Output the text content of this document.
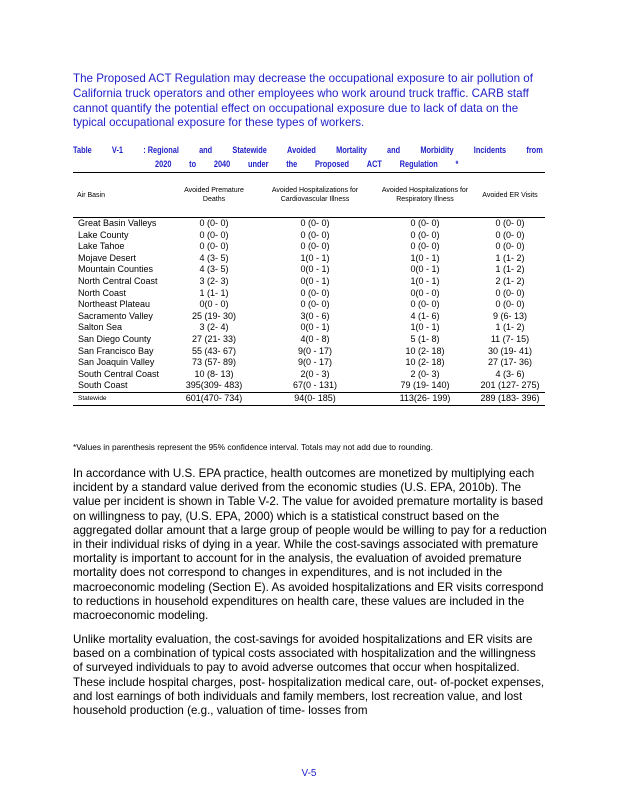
The Proposed ACT Regulation may decrease the occupational exposure to air pollution of California truck operators and other employees who work around truck traffic. CARB staff cannot quantify the potential effect on occupational exposure due to lack of data on the typical occupational exposure for these types of workers.
Table V-1 : Regional and Statewide Avoided Mortality and Morbidity Incidents from
2020 to 2040 under the Proposed ACT Regulation *
Air Basin	Avoided Premature Deaths	Avoided Hospitalizations for Cardiovascular Illness	Avoided Hospitalizations for Respiratory Illness	Avoided ER Visits
Great Basin Valleys	0 (0- 0)	0 (0- 0)	0 (0- 0)	0 (0- 0)
Lake County	0 (0- 0)	0 (0- 0)	0 (0- 0)	0 (0- 0)
Lake Tahoe	0 (0- 0)	0 (0- 0)	0 (0- 0)	0 (0- 0)
Mojave Desert	4 (3- 5)	1(0 - 1)	1(0 - 1)	1 (1- 2)
Mountain Counties	4 (3- 5)	0(0 - 1)	0(0 - 1)	1 (1- 2)
North Central Coast	3 (2- 3)	0(0 - 1)	1(0 - 1)	2 (1- 2)
North Coast	1 (1- 1)	0 (0- 0)	0(0 - 0)	0 (0- 0)
Northeast Plateau	0(0 - 0)	0 (0- 0)	0 (0- 0)	0 (0- 0)
Sacramento Valley	25 (19- 30)	3(0 - 6)	4 (1- 6)	9 (6- 13)
Salton Sea	3 (2- 4)	0(0 - 1)	1(0 - 1)	1 (1- 2)
San Diego County	27 (21- 33)	4(0 - 8)	5 (1- 8)	11 (7- 15)
San Francisco Bay	55 (43- 67)	9(0 - 17)	10 (2- 18)	30 (19- 41)
San Joaquin Valley	73 (57- 89)	9(0 - 17)	10 (2- 18)	27 (17- 36)
South Central Coast	10 (8- 13)	2(0 - 3)	2 (0- 3)	4 (3- 6)
South Coast	395(309- 483)	67(0 - 131)	79 (19- 140)	201 (127- 275)
Statewide	601(470- 734)	94(0- 185)	113(26- 199)	289 (183- 396)
*Values in parenthesis represent the 95% confidence interval. Totals may not add due to rounding.
In accordance with U.S. EPA practice, health outcomes are monetized by multiplying each incident by a standard value derived from the economic studies (U.S. EPA, 2010b). The value per incident is shown in Table V-2. The value for avoided premature mortality is based on willingness to pay, (U.S. EPA, 2000) which is a statistical construct based on the aggregated dollar amount that a large group of people would be willing to pay for a reduction in their individual risks of dying in a year. While the cost-savings associated with premature mortality is important to account for in the analysis, the evaluation of avoided premature mortality does not correspond to changes in expenditures, and is not included in the macroeconomic modeling (Section E). As avoided hospitalizations and ER visits correspond to reductions in household expenditures on health care, these values are included in the macroeconomic modeling.
Unlike mortality evaluation, the cost-savings for avoided hospitalizations and ER visits are based on a combination of typical costs associated with hospitalization and the willingness of surveyed individuals to pay to avoid adverse outcomes that occur when hospitalized. These include hospital charges, post- hospitalization medical care, out- of-pocket expenses, and lost earnings of both individuals and family members, lost recreation value, and lost household production (e.g., valuation of time- losses from
V-5
